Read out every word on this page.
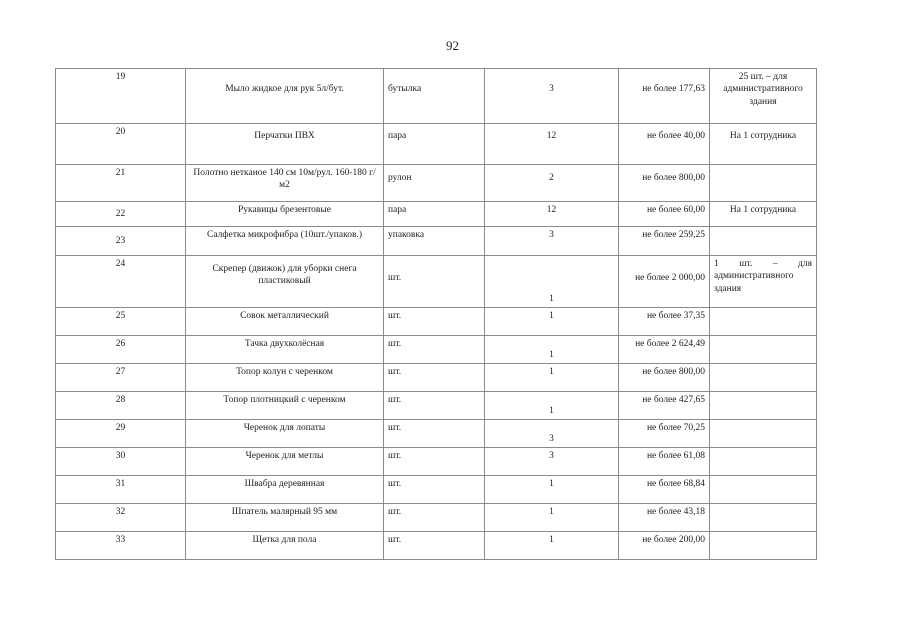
92
19	Мыло жидкое для рук 5л/бут.	бутылка	3	не более 177,63	25 шт. – для административного здания
20	Перчатки ПВХ	пара	12	не более 40,00	На 1 сотрудника
21	Полотно нетканое 140 см 10м/рул. 160-180 г/м2	рулон	2	не более 800,00	
22	Рукавицы брезентовые	пара	12	не более 60,00	На 1 сотрудника
23	Салфетка микрофибра (10шт./упаков.)	упаковка	3	не более 259,25	
24	Скрепер (движок) для уборки снега пластиковый	шт.	1	не более 2 000,00	1 шт. – для административного здания
25	Совок металлический	шт.	1	не более 37,35	
26	Тачка двухколёсная	шт.	1	не более 2 624,49	
27	Топор колун с черенком	шт.	1	не более 800,00	
28	Топор плотницкий с черенком	шт.	1	не более 427,65	
29	Черенок для лопаты	шт.	3	не более 70,25	
30	Черенок для метлы	шт.	3	не более 61,08	
31	Швабра деревянная	шт.	1	не более 68,84	
32	Шпатель малярный 95 мм	шт.	1	не более 43,18	
33	Щетка для пола	шт.	1	не более 200,00	
